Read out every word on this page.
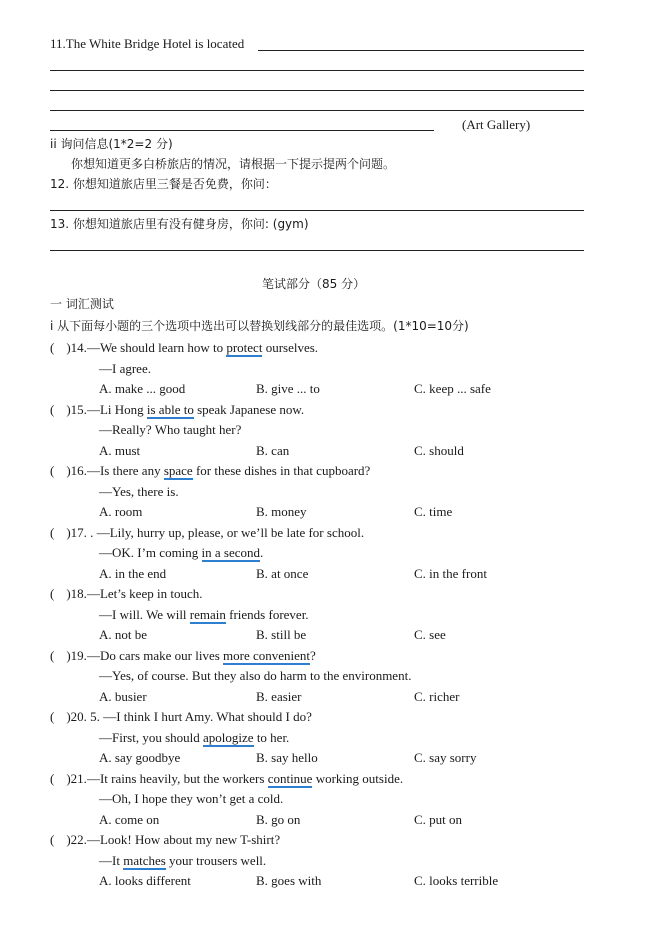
11.The White Bridge Hotel is located
(Art Gallery)
ii 询问信息(1*2=2 分)
你想知道更多白桥旅店的情况，请根据一下提示提两个问题。
12. 你想知道旅店里三餐是否免费，你问：
13. 你想知道旅店里有没有健身房，你问: (gym)
笔试部分（85 分）
一 词汇测试
i 从下面每小题的三个选项中选出可以替换划线部分的最佳选项。(1*10=10分)
( )14.—We should learn how to protect ourselves.
—I agree.
A. make ... good	B. give ... to	C. keep ... safe
( )15.—Li Hong is able to speak Japanese now.
—Really? Who taught her?
A. must	B. can	C. should
( )16.—Is there any space for these dishes in that cupboard?
—Yes, there is.
A. room	B. money	C. time
( )17. . —Lily, hurry up, please, or we’ll be late for school.
—OK. I’m coming in a second.
A. in the end	B. at once	C. in the front
( )18.—Let’s keep in touch.
—I will. We will remain friends forever.
A. not be	B. still be	C. see
( )19.—Do cars make our lives more convenient?
—Yes, of course. But they also do harm to the environment.
A. busier	B. easier	C. richer
( )20. 5. —I think I hurt Amy. What should I do?
—First, you should apologize to her.
A. say goodbye	B. say hello	C. say sorry
( )21.—It rains heavily, but the workers continue working outside.
—Oh, I hope they won’t get a cold.
A. come on	B. go on	C. put on
( )22.—Look! How about my new T-shirt?
—It matches your trousers well.
A. looks different	B. goes with	C. looks terrible
